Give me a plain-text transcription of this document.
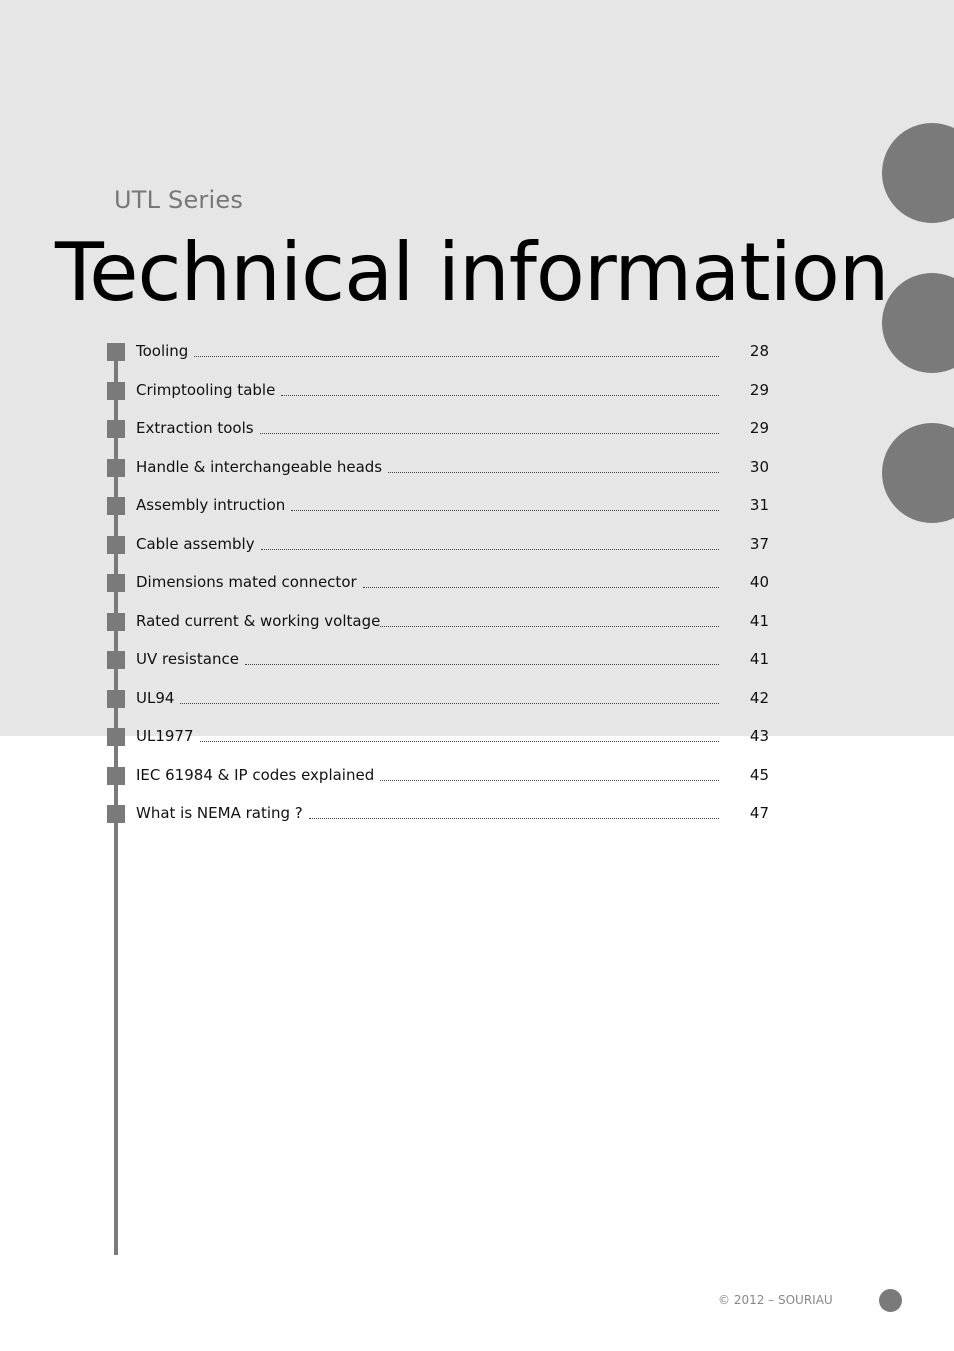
UTL Series
Technical information
Tooling	28
Crimptooling table	29
Extraction tools	29
Handle & interchangeable heads	30
Assembly intruction	31
Cable assembly	37
Dimensions mated connector	40
Rated current & working voltage	41
UV resistance	41
UL94	42
UL1977	43
IEC 61984 & IP codes explained	45
What is NEMA rating ?	47
© 2012 – SOURIAU
